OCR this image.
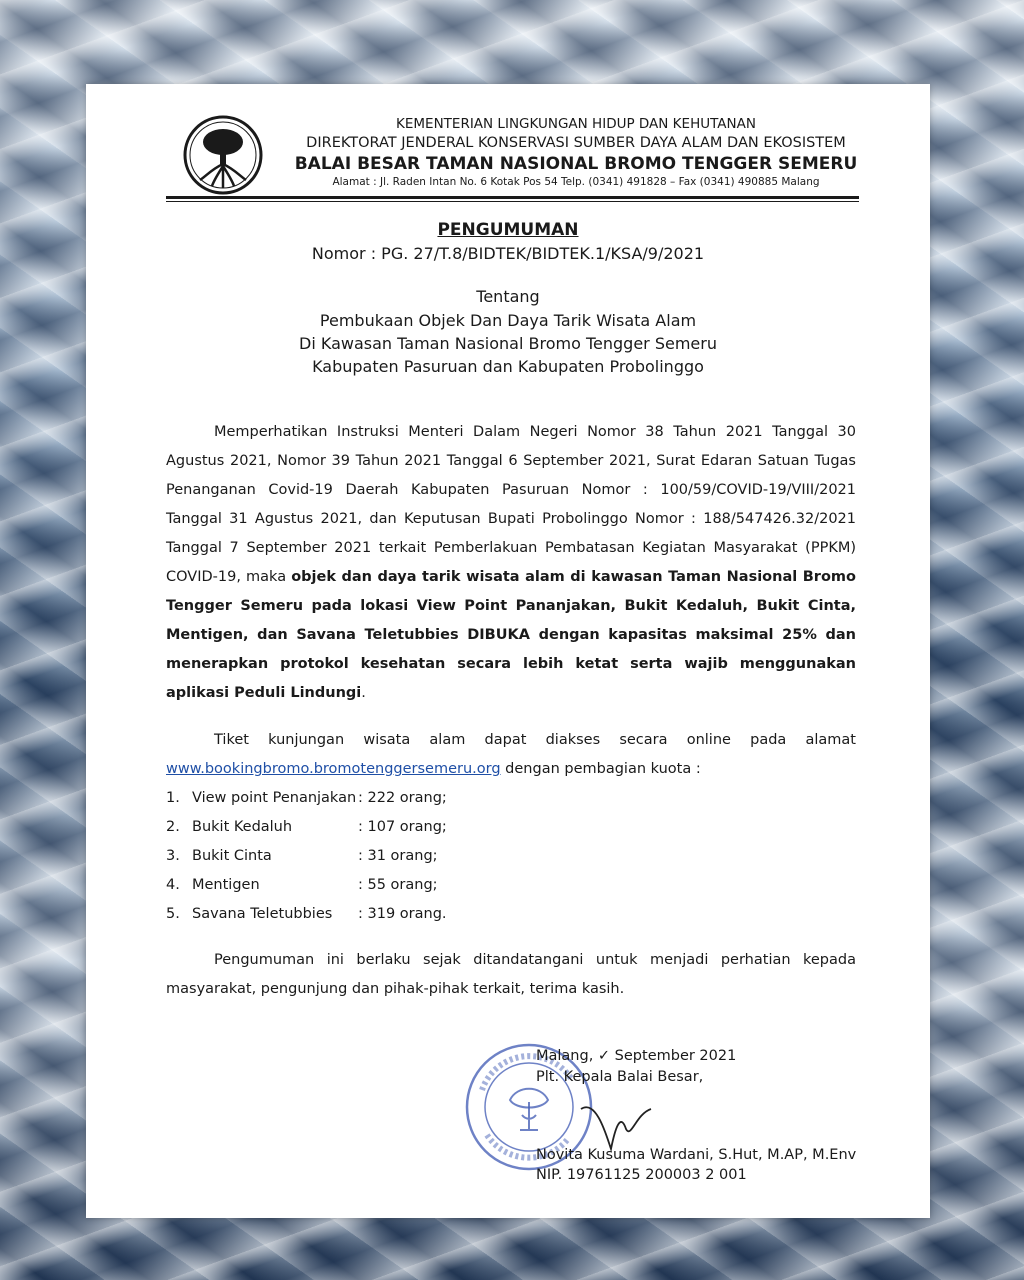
KEMENTERIAN LINGKUNGAN HIDUP DAN KEHUTANAN
DIREKTORAT JENDERAL KONSERVASI SUMBER DAYA ALAM DAN EKOSISTEM
BALAI BESAR TAMAN NASIONAL BROMO TENGGER SEMERU
Alamat : Jl. Raden Intan No. 6 Kotak Pos 54 Telp. (0341) 491828 – Fax (0341) 490885 Malang
PENGUMUMAN
Nomor : PG. 27/T.8/BIDTEK/BIDTEK.1/KSA/9/2021
Tentang
Pembukaan Objek Dan Daya Tarik Wisata Alam
Di Kawasan Taman Nasional Bromo Tengger Semeru
Kabupaten Pasuruan dan Kabupaten Probolinggo
Memperhatikan Instruksi Menteri Dalam Negeri Nomor 38 Tahun 2021 Tanggal 30 Agustus 2021, Nomor 39 Tahun 2021 Tanggal 6 September 2021, Surat Edaran Satuan Tugas Penanganan Covid-19 Daerah Kabupaten Pasuruan Nomor : 100/59/COVID-19/VIII/2021 Tanggal 31 Agustus 2021, dan Keputusan Bupati Probolinggo Nomor : 188/547426.32/2021 Tanggal 7 September 2021 terkait Pemberlakuan Pembatasan Kegiatan Masyarakat (PPKM) COVID-19, maka objek dan daya tarik wisata alam di kawasan Taman Nasional Bromo Tengger Semeru pada lokasi View Point Pananjakan, Bukit Kedaluh, Bukit Cinta, Mentigen, dan Savana Teletubbies DIBUKA dengan kapasitas maksimal 25% dan menerapkan protokol kesehatan secara lebih ketat serta wajib menggunakan aplikasi Peduli Lindungi.
Tiket kunjungan wisata alam dapat diakses secara online pada alamat www.bookingbromo.bromotenggersemeru.org dengan pembagian kuota :
1. View point Penanjakan : 222 orang;
2. Bukit Kedaluh	: 107 orang;
3. Bukit Cinta	: 31 orang;
4. Mentigen	: 55 orang;
5. Savana Teletubbies : 319 orang.
Pengumuman ini berlaku sejak ditandatangani untuk menjadi perhatian kepada masyarakat, pengunjung dan pihak-pihak terkait, terima kasih.
Malang, ✓ September 2021
Plt. Kepala Balai Besar,
Novita Kusuma Wardani, S.Hut, M.AP, M.Env
NIP. 19761125 200003 2 001
